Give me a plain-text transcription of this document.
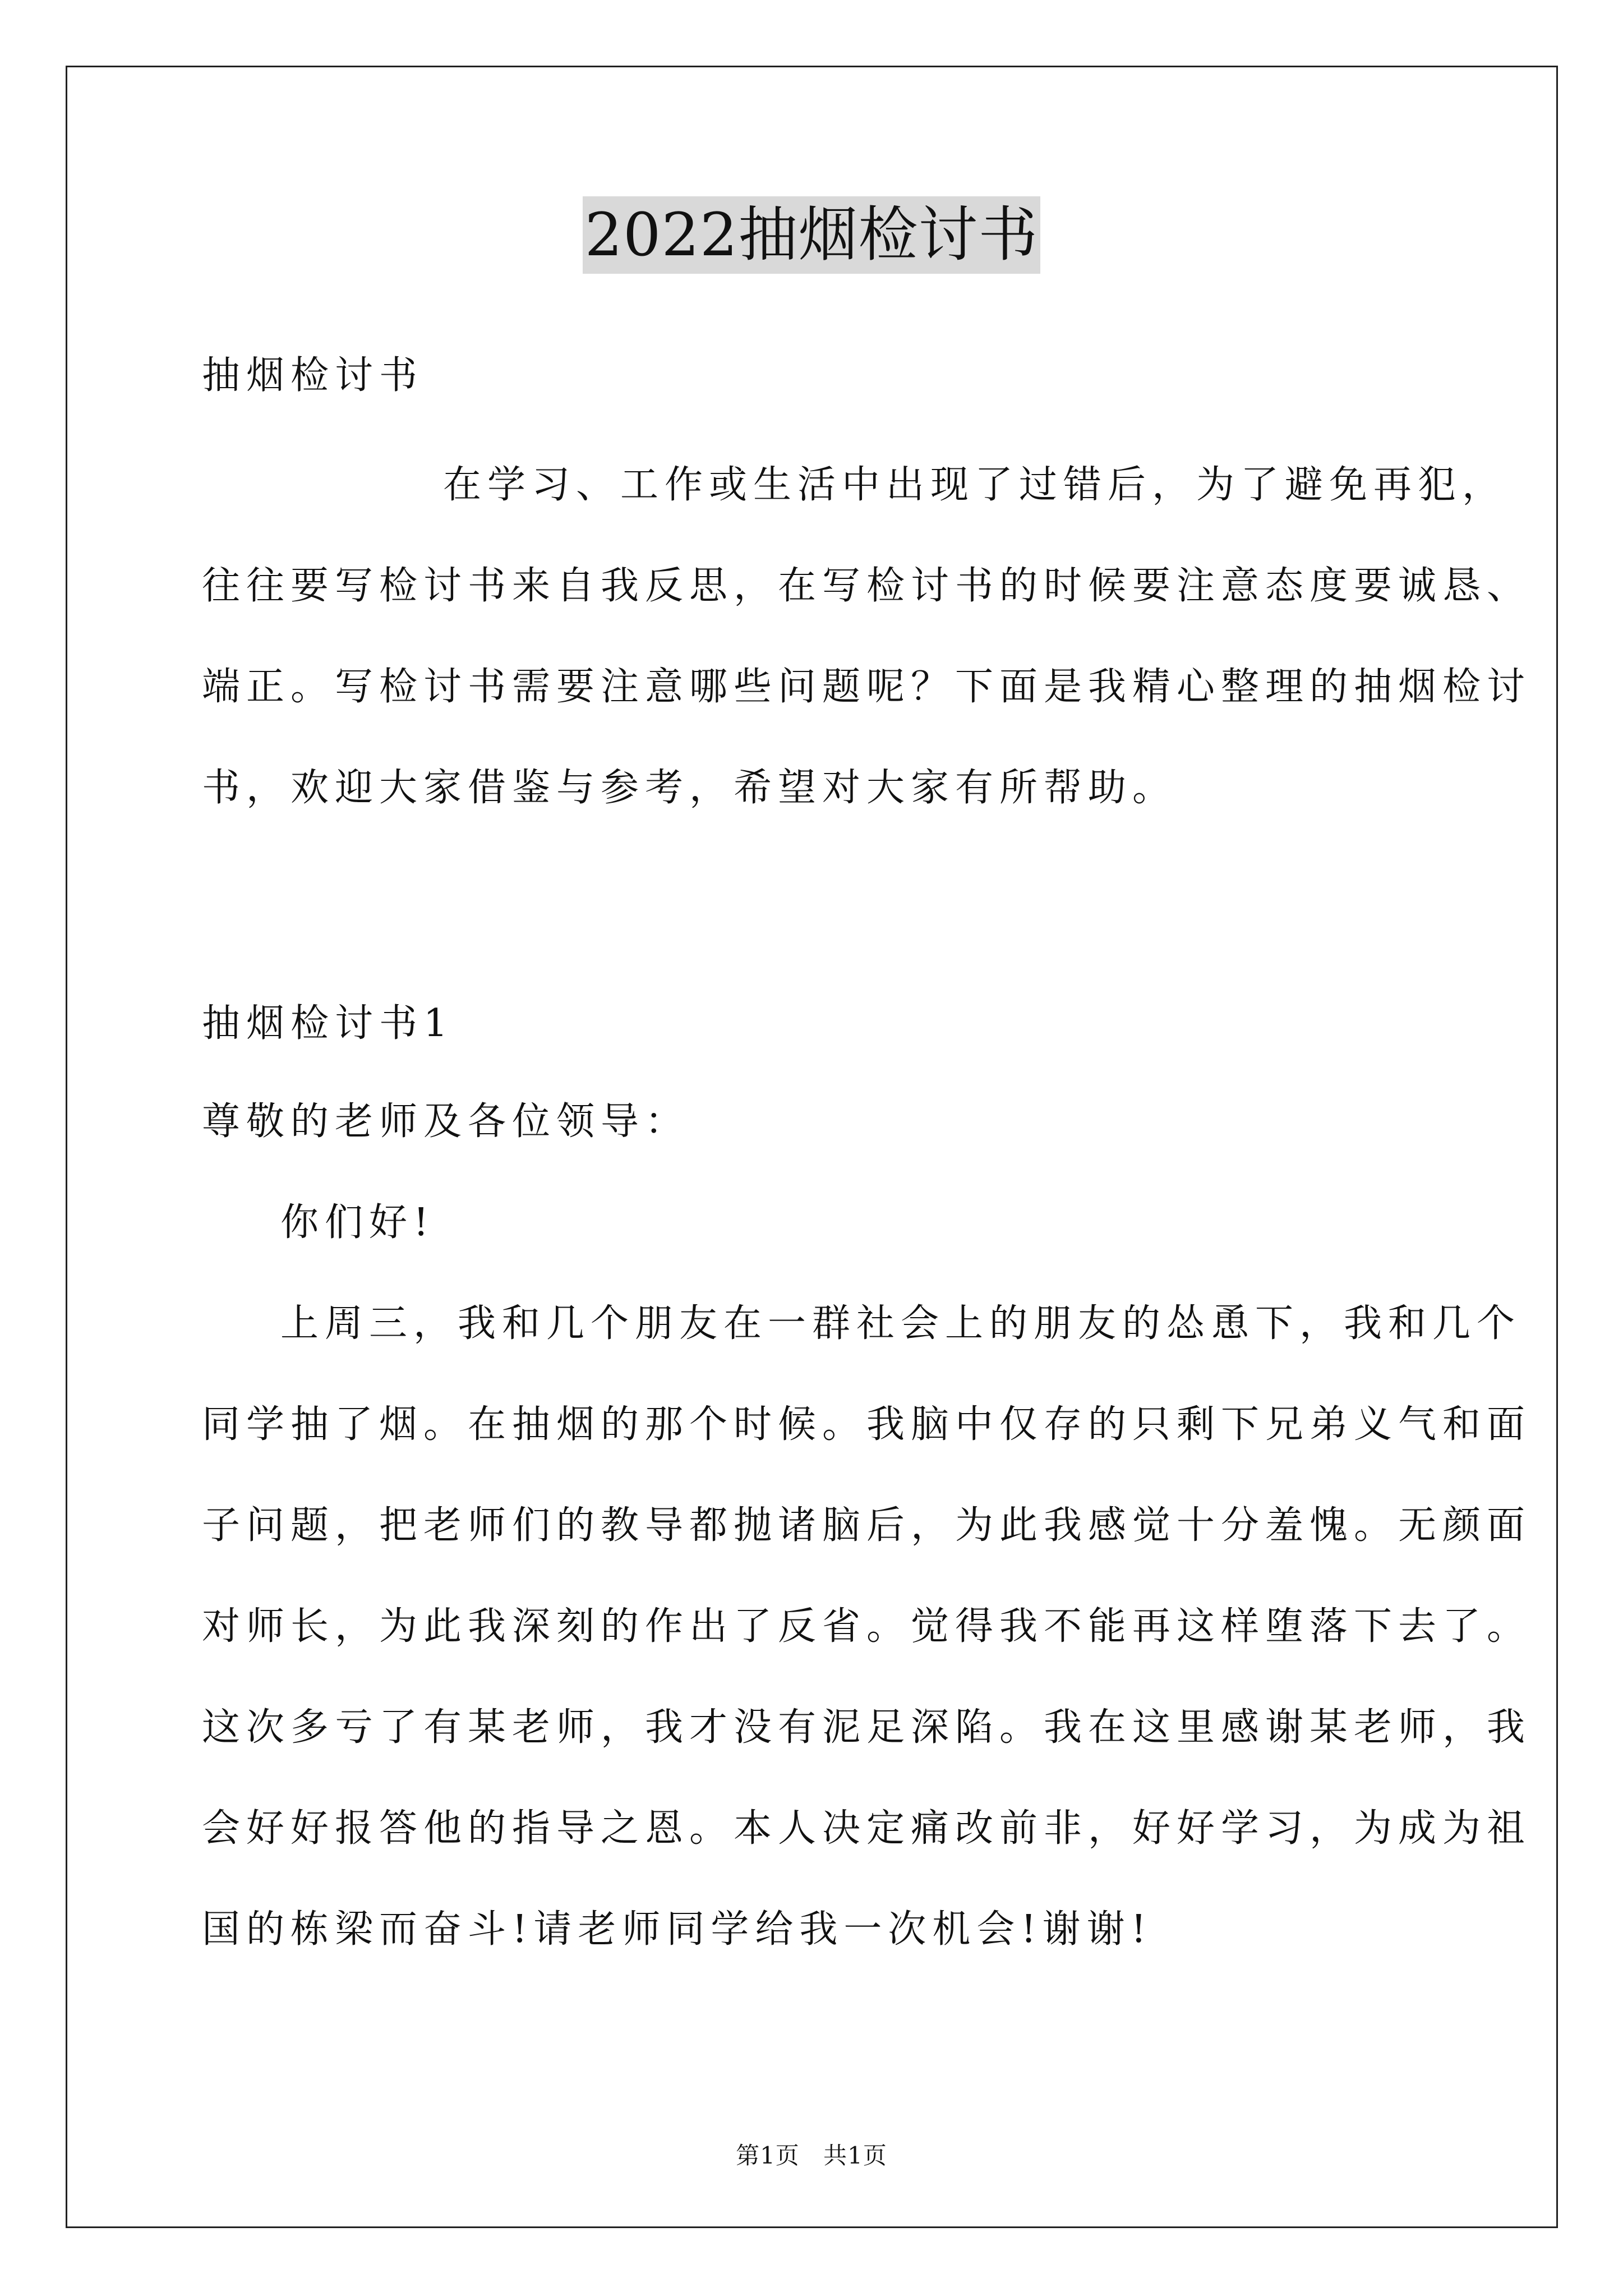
2022抽烟检讨书
抽烟检讨书
在学习、工作或生活中出现了过错后，为了避免再犯，
往往要写检讨书来自我反思，在写检讨书的时候要注意态度要诚恳、
端正。写检讨书需要注意哪些问题呢？下面是我精心整理的抽烟检讨
书，欢迎大家借鉴与参考，希望对大家有所帮助。
抽烟检讨书1
尊敬的老师及各位领导：
你们好!
上周三，我和几个朋友在一群社会上的朋友的怂恿下，我和几个
同学抽了烟。在抽烟的那个时候。我脑中仅存的只剩下兄弟义气和面
子问题，把老师们的教导都抛诸脑后，为此我感觉十分羞愧。无颜面
对师长，为此我深刻的作出了反省。觉得我不能再这样堕落下去了。
这次多亏了有某老师，我才没有泥足深陷。我在这里感谢某老师，我
会好好报答他的指导之恩。本人决定痛改前非，好好学习，为成为祖
国的栋梁而奋斗!请老师同学给我一次机会!谢谢!
第1页 共1页
